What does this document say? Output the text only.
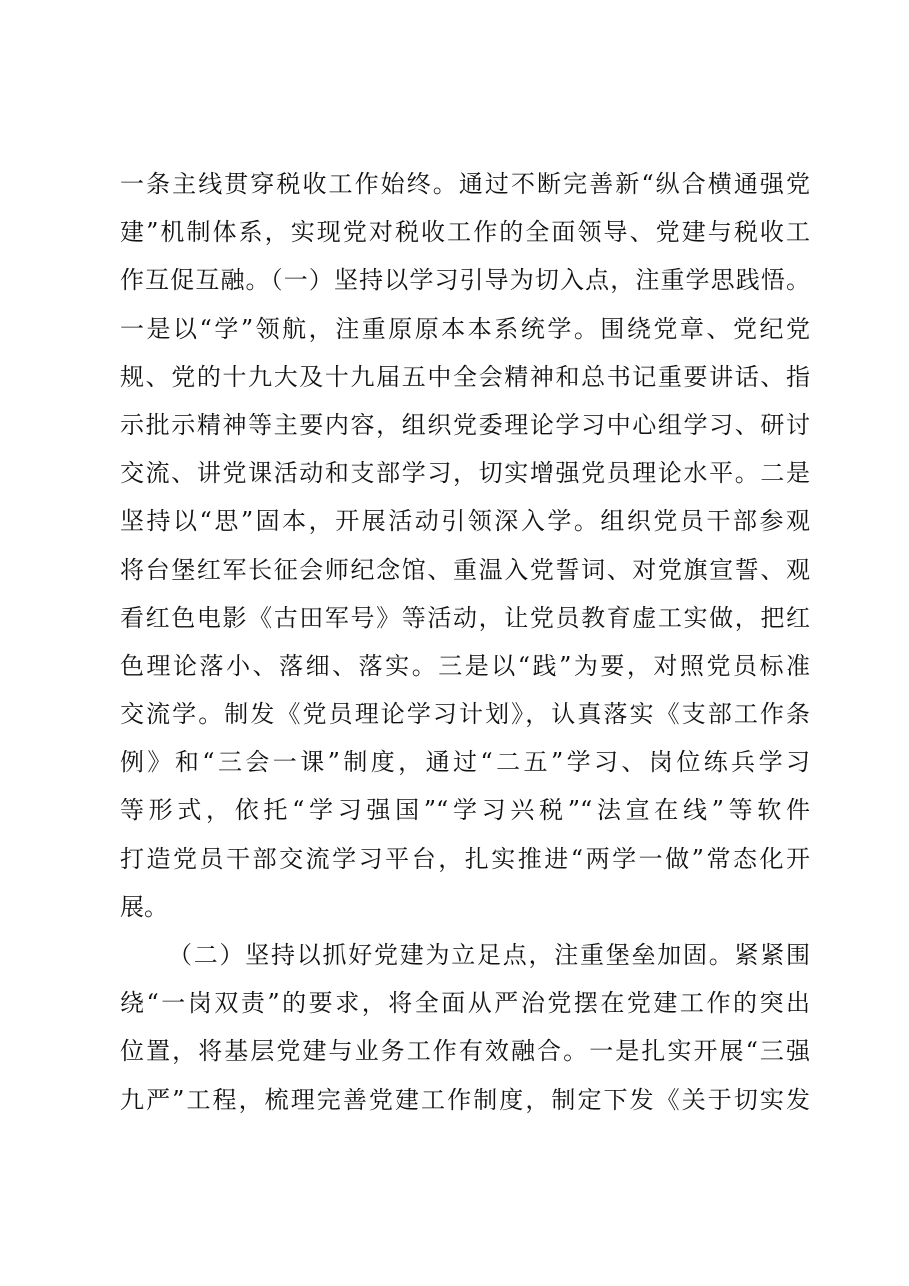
一条主线贯穿税收工作始终。通过不断完善新“纵合横通强党
建”机制体系，实现党对税收工作的全面领导、党建与税收工
作互促互融。（一）坚持以学习引导为切入点，注重学思践悟。
一是以“学”领航，注重原原本本系统学。围绕党章、党纪党
规、党的十九大及十九届五中全会精神和总书记重要讲话、指
示批示精神等主要内容，组织党委理论学习中心组学习、研讨
交流、讲党课活动和支部学习，切实增强党员理论水平。二是
坚持以“思”固本，开展活动引领深入学。组织党员干部参观
将台堡红军长征会师纪念馆、重温入党誓词、对党旗宣誓、观
看红色电影《古田军号》等活动，让党员教育虚工实做，把红
色理论落小、落细、落实。三是以“践”为要，对照党员标准
交流学。制发《党员理论学习计划》，认真落实《支部工作条
例》和“三会一课”制度，通过“二五”学习、岗位练兵学习
等形式，依托“学习强国”“学习兴税”“法宣在线”等软件
打造党员干部交流学习平台，扎实推进“两学一做”常态化开
展。
（二）坚持以抓好党建为立足点，注重堡垒加固。紧紧围
绕“一岗双责”的要求，将全面从严治党摆在党建工作的突出
位置，将基层党建与业务工作有效融合。一是扎实开展“三强
九严”工程，梳理完善党建工作制度，制定下发《关于切实发
